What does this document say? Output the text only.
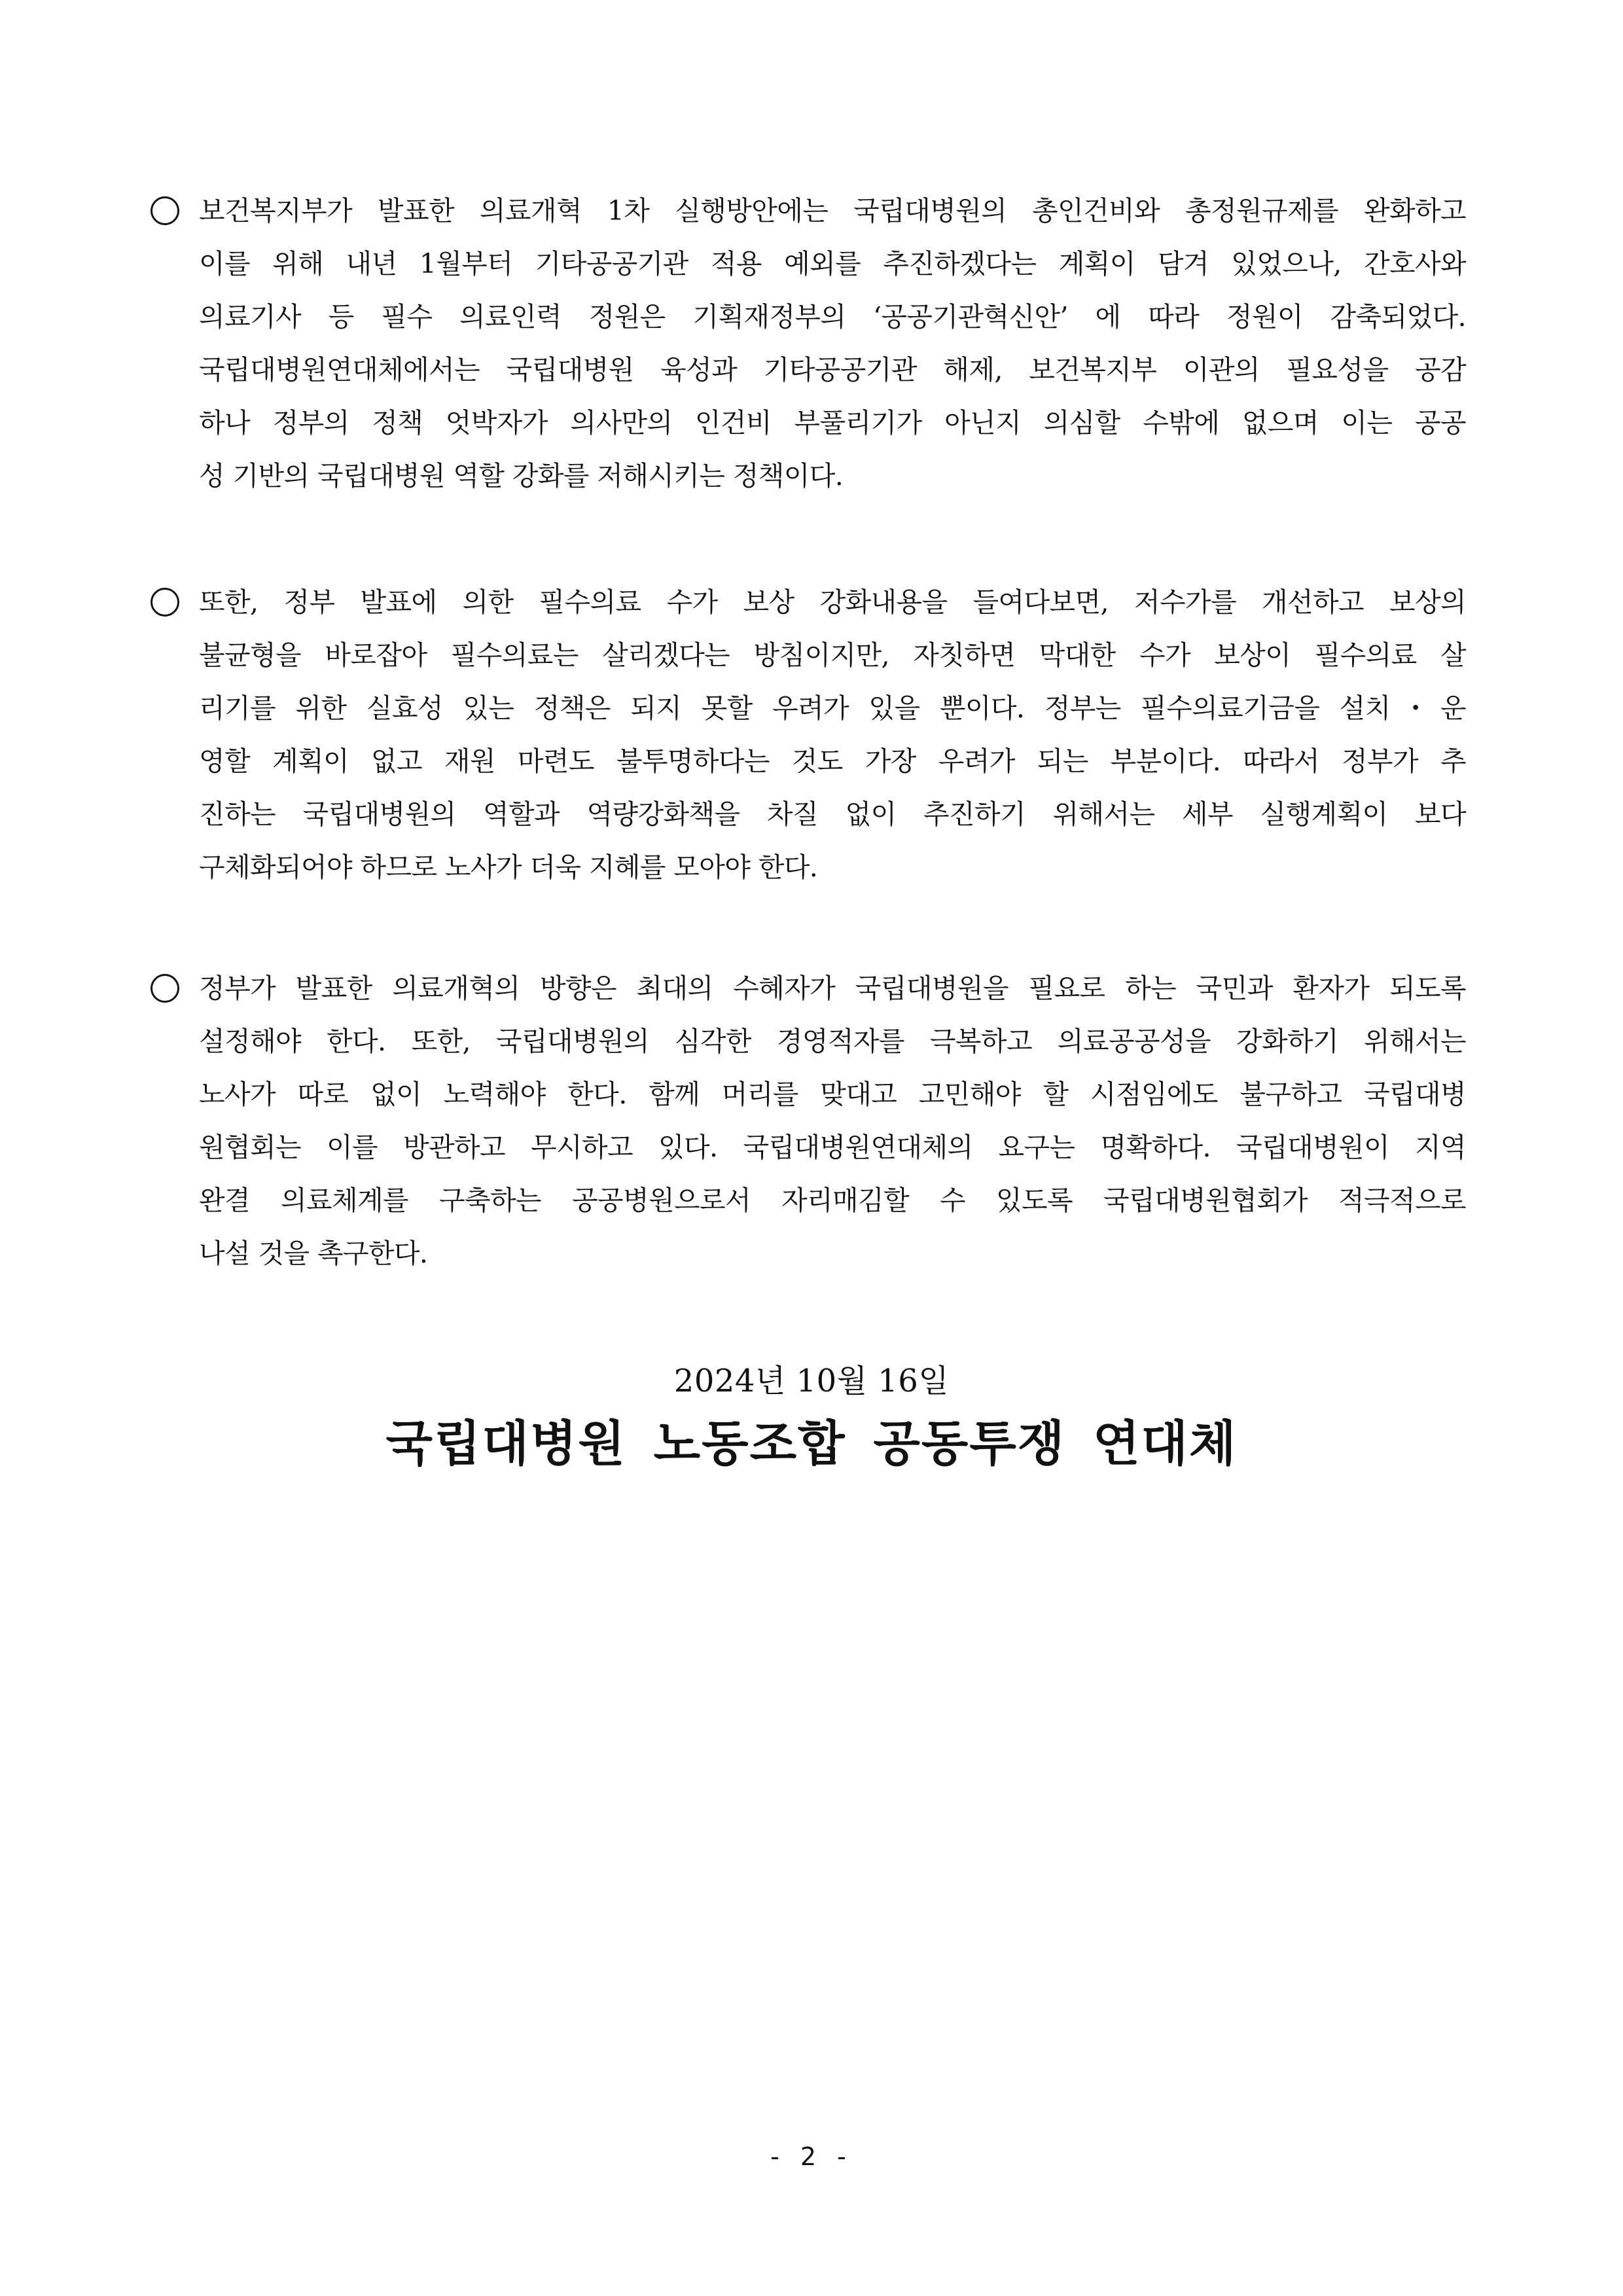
보건복지부가 발표한 의료개혁 1차 실행방안에는 국립대병원의 총인건비와 총정원규제를 완화하고
이를 위해 내년 1월부터 기타공공기관 적용 예외를 추진하겠다는 계획이 담겨 있었으나, 간호사와
의료기사 등 필수 의료인력 정원은 기획재정부의 ‘공공기관혁신안’ 에 따라 정원이 감축되었다.
국립대병원연대체에서는 국립대병원 육성과 기타공공기관 해제, 보건복지부 이관의 필요성을 공감
하나 정부의 정책 엇박자가 의사만의 인건비 부풀리기가 아닌지 의심할 수밖에 없으며 이는 공공
성 기반의 국립대병원 역할 강화를 저해시키는 정책이다.
또한, 정부 발표에 의한 필수의료 수가 보상 강화내용을 들여다보면, 저수가를 개선하고 보상의
불균형을 바로잡아 필수의료는 살리겠다는 방침이지만, 자칫하면 막대한 수가 보상이 필수의료 살
리기를 위한 실효성 있는 정책은 되지 못할 우려가 있을 뿐이다. 정부는 필수의료기금을 설치・운
영할 계획이 없고 재원 마련도 불투명하다는 것도 가장 우려가 되는 부분이다. 따라서 정부가 추
진하는 국립대병원의 역할과 역량강화책을 차질 없이 추진하기 위해서는 세부 실행계획이 보다
구체화되어야 하므로 노사가 더욱 지혜를 모아야 한다.
정부가 발표한 의료개혁의 방향은 최대의 수혜자가 국립대병원을 필요로 하는 국민과 환자가 되도록
설정해야 한다. 또한, 국립대병원의 심각한 경영적자를 극복하고 의료공공성을 강화하기 위해서는
노사가 따로 없이 노력해야 한다. 함께 머리를 맞대고 고민해야 할 시점임에도 불구하고 국립대병
원협회는 이를 방관하고 무시하고 있다. 국립대병원연대체의 요구는 명확하다. 국립대병원이 지역
완결 의료체계를 구축하는 공공병원으로서 자리매김할 수 있도록 국립대병원협회가 적극적으로
나설 것을 촉구한다.
2024년 10월 16일
국립대병원 노동조합 공동투쟁 연대체
- 2 -
